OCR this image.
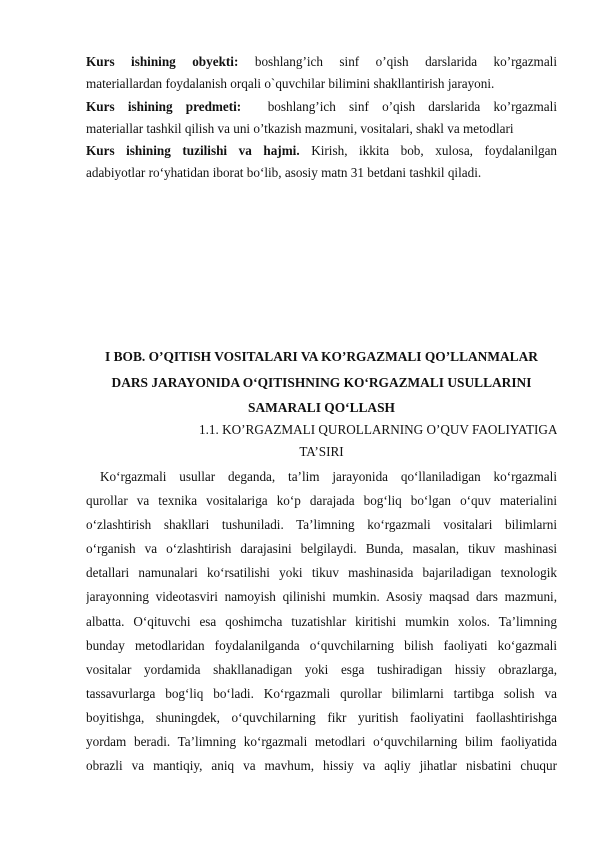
Kurs ishining obyekti: boshlang’ich sinf o’qish darslarida ko’rgazmali
materiallardan foydalanish orqali o`quvchilar bilimini shakllantirish jarayoni.
Kurs ishining predmeti: boshlang’ich sinf o’qish darslarida ko’rgazmali
materiallar tashkil qilish va uni o’tkazish mazmuni, vositalari, shakl va metodlari
Kurs ishining tuzilishi va hajmi. Kirish, ikkita bob, xulosa, foydalanilgan
adabiyotlar ro‘yhatidan iborat bo‘lib, asosiy matn 31 betdani tashkil qiladi.
I BOB. O’QITISH VOSITALARI VA KO’RGAZMALI QO’LLANMALAR
DARS JARAYONIDA O‘QITISHNING KO‘RGAZMALI USULLARINI
SAMARALI QO‘LLASH
1.1. KO’RGAZMALI QUROLLARNING O’QUV FAOLIYATIGA
TA’SIRI
Ko‘rgazmali usullar deganda, ta’lim jarayonida qo‘llaniladigan ko‘rgazmali
qurollar va texnika vositalariga ko‘p darajada bog‘liq bo‘lgan o‘quv materialini
o‘zlashtirish shakllari tushuniladi. Ta’limning ko‘rgazmali vositalari bilimlarni
o‘rganish va o‘zlashtirish darajasini belgilaydi. Bunda, masalan, tikuv mashinasi
detallari namunalari ko‘rsatilishi yoki tikuv mashinasida bajariladigan texnologik
jarayonning videotasviri namoyish qilinishi mumkin. Asosiy maqsad dars mazmuni,
albatta. O‘qituvchi esa qoshimcha tuzatishlar kiritishi mumkin xolos. Ta’limning
bunday metodlaridan foydalanilganda o‘quvchilarning bilish faoliyati ko‘gazmali
vositalar yordamida shakllanadigan yoki esga tushiradigan hissiy obrazlarga,
tassavurlarga bog‘liq bo‘ladi. Ko‘rgazmali qurollar bilimlarni tartibga solish va
boyitishga, shuningdek, o‘quvchilarning fikr yuritish faoliyatini faollashtirishga
yordam beradi. Ta’limning ko‘rgazmali metodlari o‘quvchilarning bilim faoliyatida
obrazli va mantiqiy, aniq va mavhum, hissiy va aqliy jihatlar nisbatini chuqur
